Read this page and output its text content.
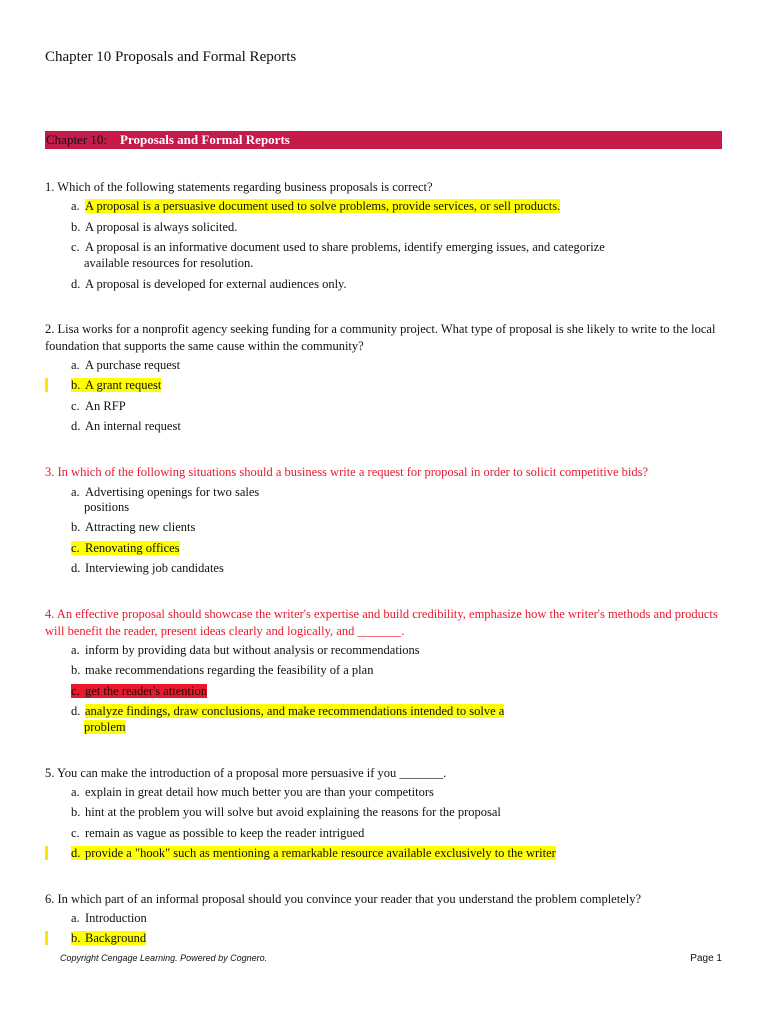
Chapter 10 Proposals and Formal Reports
Chapter 10: Proposals and Formal Reports
1. Which of the following statements regarding business proposals is correct?
a. A proposal is a persuasive document used to solve problems, provide services, or sell products.
b. A proposal is always solicited.
c. A proposal is an informative document used to share problems, identify emerging issues, and categorize
available resources for resolution.
d. A proposal is developed for external audiences only.
2. Lisa works for a nonprofit agency seeking funding for a community project. What type of proposal is she likely to write to the local foundation that supports the same cause within the community?
a. A purchase request
b. A grant request
c. An RFP
d. An internal request
3. In which of the following situations should a business write a request for proposal in order to solicit competitive bids?
a. Advertising openings for two sales
positions
b. Attracting new clients
c. Renovating offices
d. Interviewing job candidates
4. An effective proposal should showcase the writer's expertise and build credibility, emphasize how the writer's methods and products will benefit the reader, present ideas clearly and logically, and _______.
a. inform by providing data but without analysis or recommendations
b. make recommendations regarding the feasibility of a plan
c. get the reader's attention
d. analyze findings, draw conclusions, and make recommendations intended to solve a
problem
5. You can make the introduction of a proposal more persuasive if you _______.
a. explain in great detail how much better you are than your competitors
b. hint at the problem you will solve but avoid explaining the reasons for the proposal
c. remain as vague as possible to keep the reader intrigued
d. provide a "hook" such as mentioning a remarkable resource available exclusively to the writer
6. In which part of an informal proposal should you convince your reader that you understand the problem completely?
a. Introduction
b. Background
Copyright Cengage Learning. Powered by Cognero.	Page 1
